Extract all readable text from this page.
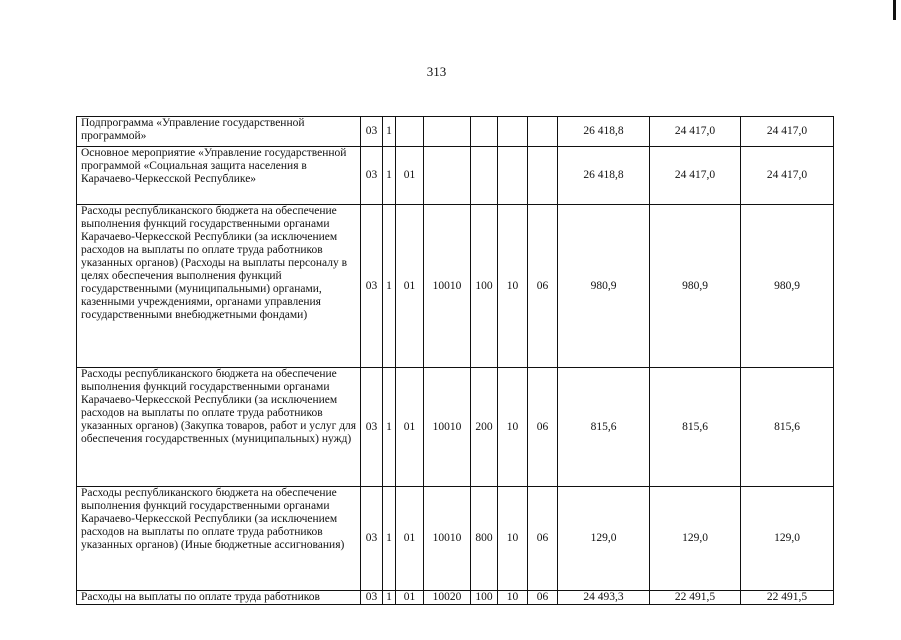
313
Подпрограмма «Управление государственной программой»	03	1						26 418,8	24 417,0	24 417,0
Основное мероприятие «Управление государственной программой «Социальная защита населения в Карачаево-Черкесской Республике»	03	1	01					26 418,8	24 417,0	24 417,0
Расходы республиканского бюджета на обеспечение выполнения функций государственными органами Карачаево-Черкесской Республики (за исключением расходов на выплаты по оплате труда работников указанных органов) (Расходы на выплаты персоналу в целях обеспечения выполнения функций государственными (муниципальными) органами, казенными учреждениями, органами управления государственными внебюджетными фондами)	03	1	01	10010	100	10	06	980,9	980,9	980,9
Расходы республиканского бюджета на обеспечение выполнения функций государственными органами Карачаево-Черкесской Республики (за исключением расходов на выплаты по оплате труда работников указанных органов) (Закупка товаров, работ и услуг для обеспечения государственных (муниципальных) нужд)	03	1	01	10010	200	10	06	815,6	815,6	815,6
Расходы республиканского бюджета на обеспечение выполнения функций государственными органами Карачаево-Черкесской Республики (за исключением расходов на выплаты по оплате труда работников указанных органов) (Иные бюджетные ассигнования)	03	1	01	10010	800	10	06	129,0	129,0	129,0
Расходы на выплаты по оплате труда работников	03	1	01	10020	100	10	06	24 493,3	22 491,5	22 491,5
